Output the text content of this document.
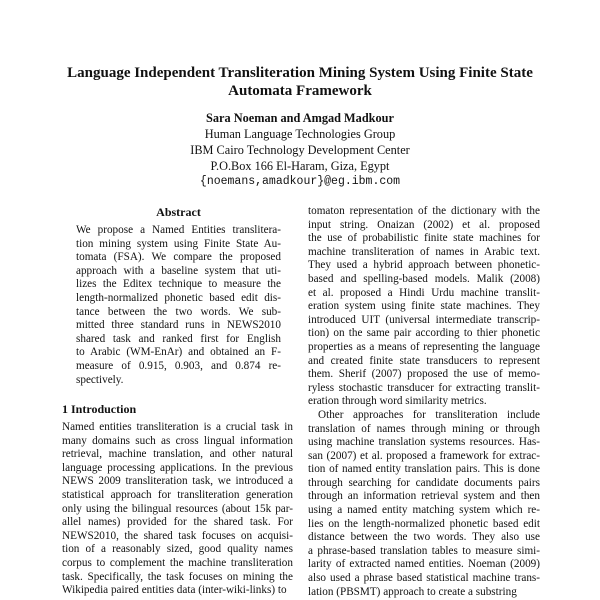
Language Independent Transliteration Mining System Using Finite State
Automata Framework
Sara Noeman and Amgad Madkour
Human Language Technologies Group
IBM Cairo Technology Development Center
P.O.Box 166 El-Haram, Giza, Egypt
{noemans,amadkour}@eg.ibm.com
Abstract
We propose a Named Entities translitera-
tion mining system using Finite State Au-
tomata (FSA). We compare the proposed
approach with a baseline system that uti-
lizes the Editex technique to measure the
length-normalized phonetic based edit dis-
tance between the two words. We sub-
mitted three standard runs in NEWS2010
shared task and ranked first for English
to Arabic (WM-EnAr) and obtained an F-
measure of 0.915, 0.903, and 0.874 re-
spectively.
1 Introduction
Named entities transliteration is a crucial task in
many domains such as cross lingual information
retrieval, machine translation, and other natural
language processing applications. In the previous
NEWS 2009 transliteration task, we introduced a
statistical approach for transliteration generation
only using the bilingual resources (about 15k par-
allel names) provided for the shared task. For
NEWS2010, the shared task focuses on acquisi-
tion of a reasonably sized, good quality names
corpus to complement the machine transliteration
task. Specifically, the task focuses on mining the
Wikipedia paired entities data (inter-wiki-links) to
tomaton representation of the dictionary with the
input string. Onaizan (2002) et al. proposed
the use of probabilistic finite state machines for
machine transliteration of names in Arabic text.
They used a hybrid approach between phonetic-
based and spelling-based models. Malik (2008)
et al. proposed a Hindi Urdu machine translit-
eration system using finite state machines. They
introduced UIT (universal intermediate transcrip-
tion) on the same pair according to thier phonetic
properties as a means of representing the language
and created finite state transducers to represent
them. Sherif (2007) proposed the use of memo-
ryless stochastic transducer for extracting translit-
eration through word similarity metrics.
Other approaches for transliteration include
translation of names through mining or through
using machine translation systems resources. Has-
san (2007) et al. proposed a framework for extrac-
tion of named entity translation pairs. This is done
through searching for candidate documents pairs
through an information retrieval system and then
using a named entity matching system which re-
lies on the length-normalized phonetic based edit
distance between the two words. They also use
a phrase-based translation tables to measure simi-
larity of extracted named entities. Noeman (2009)
also used a phrase based statistical machine trans-
lation (PBSMT) approach to create a substring
